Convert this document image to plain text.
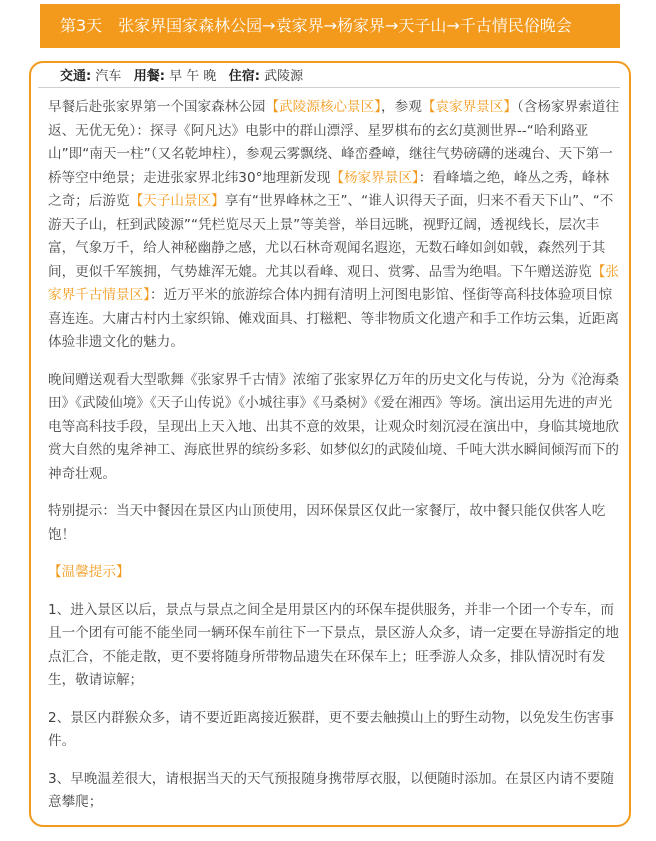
第3天　张家界国家森林公园→袁家界→杨家界→天子山→千古情民俗晚会
交通: 汽车 用餐: 早 午 晚 住宿: 武陵源

早餐后赴张家界第一个国家森林公园【武陵源核心景区】，参观【袁家界景区】（含杨家界索道往返、无优无免）：探寻《阿凡达》电影中的群山漂浮、星罗棋布的玄幻莫测世界--“哈利路亚山”即“南天一柱”（又名乾坤柱），参观云雾飘绕、峰峦叠嶂，继往气势磅礴的迷魂台、天下第一桥等空中绝景；走进张家界北纬30°地理新发现【杨家界景区】：看峰墙之绝，峰丛之秀，峰林之奇；后游览【天子山景区】享有“世界峰林之王”、“谁人识得天子面，归来不看天下山”、“不游天子山，枉到武陵源”“凭栏览尽天上景”等美誉，举目远眺，视野辽阔，透视线长，层次丰富，气象万千，给人神秘幽静之感，尤以石林奇观闻名遐迩，无数石峰如剑如戟，森然列于其间，更似千军簇拥，气势雄浑无媲。尤其以看峰、观日、赏雾、品雪为绝唱。下午赠送游览【张家界千古情景区】：近万平米的旅游综合体内拥有清明上河图电影馆、怪街等高科技体验项目惊喜连连。大庸古村内土家织锦、傩戏面具、打糍粑、等非物质文化遗产和手工作坊云集，近距离体验非遗文化的魅力。

晚间赠送观看大型歌舞《张家界千古情》浓缩了张家界亿万年的历史文化与传说，分为《沧海桑田》《武陵仙境》《天子山传说》《小城往事》《马桑树》《爱在湘西》等场。演出运用先进的声光电等高科技手段，呈现出上天入地、出其不意的效果，让观众时刻沉浸在演出中，身临其境地欣赏大自然的鬼斧神工、海底世界的缤纷多彩、如梦似幻的武陵仙境、千吨大洪水瞬间倾泻而下的神奇壮观。

特别提示：当天中餐因在景区内山顶使用，因环保景区仅此一家餐厅，故中餐只能仅供客人吃饱！

【温馨提示】

1、进入景区以后，景点与景点之间全是用景区内的环保车提供服务，并非一个团一个专车，而且一个团有可能不能坐同一辆环保车前往下一下景点，景区游人众多，请一定要在导游指定的地点汇合，不能走散，更不要将随身所带物品遗失在环保车上；旺季游人众多，排队情况时有发生，敬请谅解；

2、景区内群猴众多，请不要近距离接近猴群，更不要去触摸山上的野生动物，以免发生伤害事件。

3、早晚温差很大，请根据当天的天气预报随身携带厚衣服，以便随时添加。在景区内请不要随意攀爬；
